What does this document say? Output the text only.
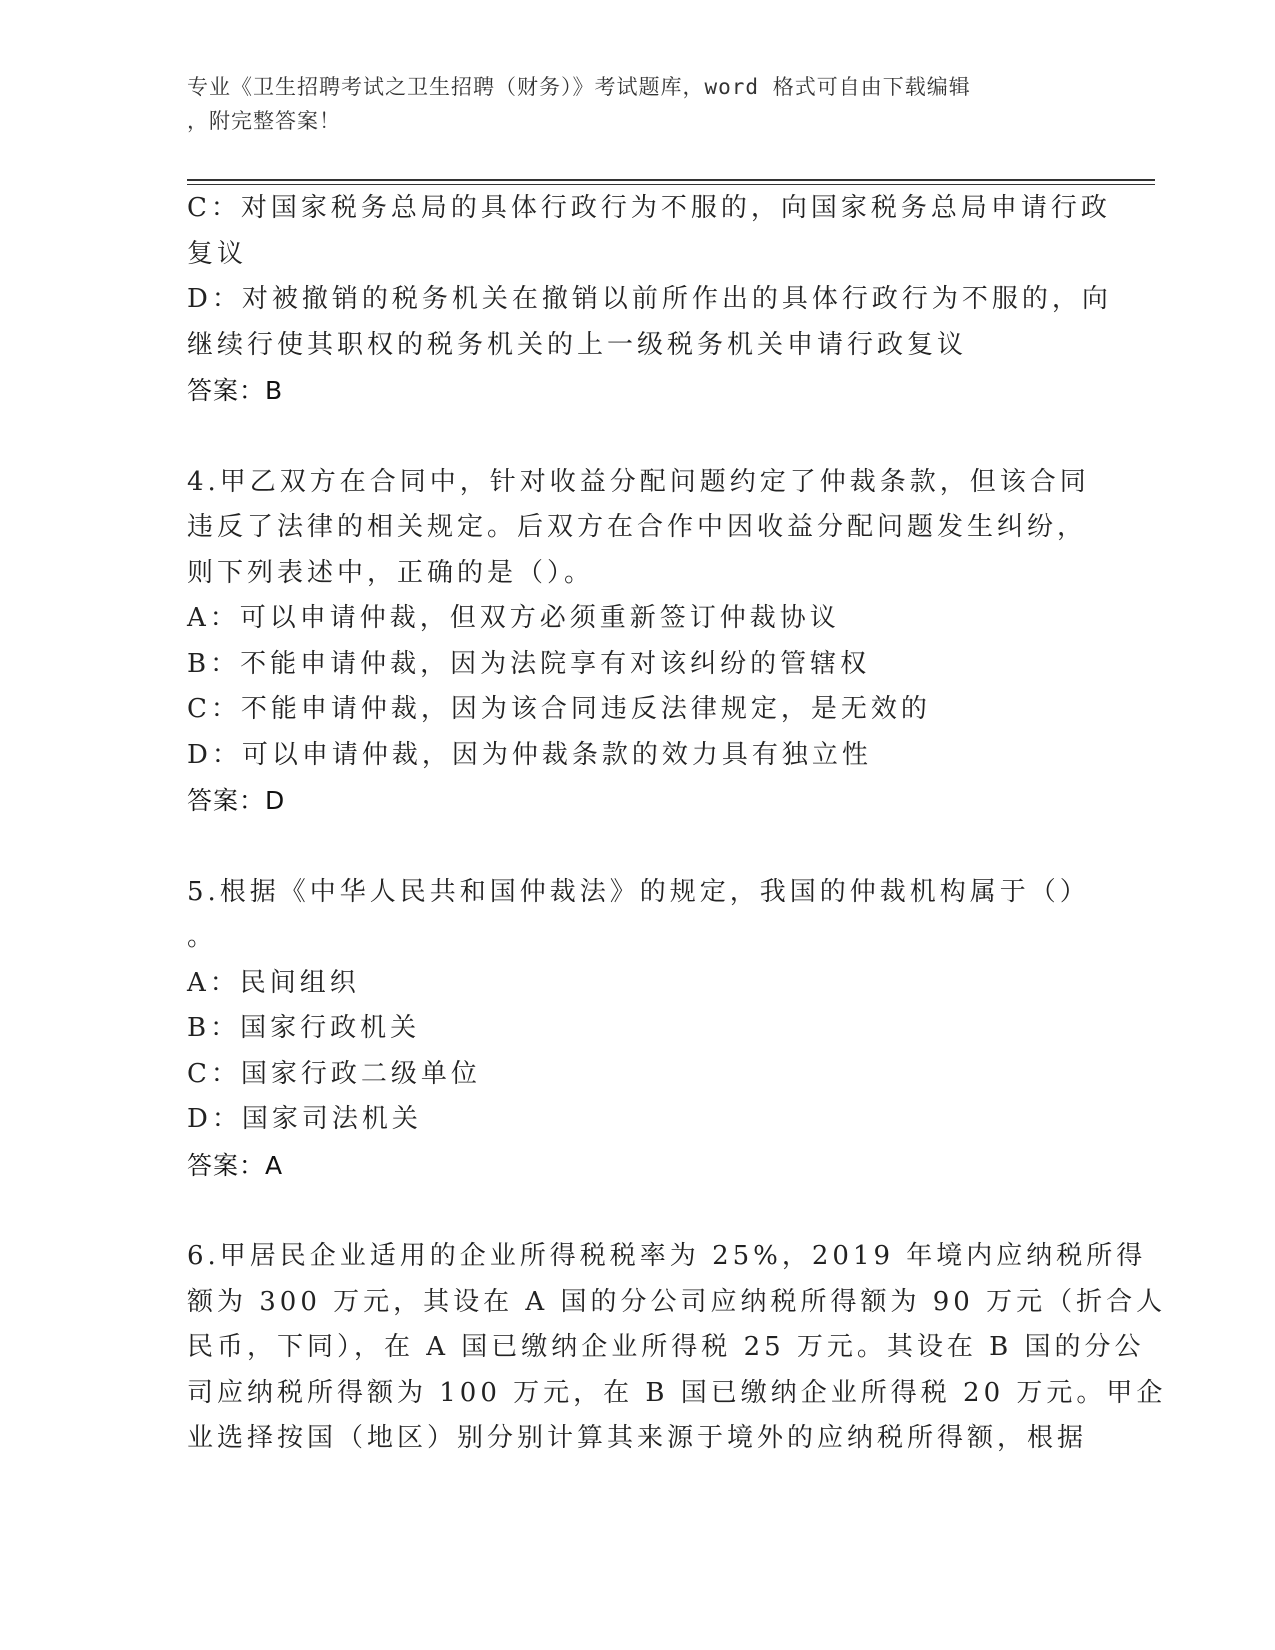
专业《卫生招聘考试之卫生招聘（财务）》考试题库，word 格式可自由下载编辑
，附完整答案！
C：对国家税务总局的具体行政行为不服的，向国家税务总局申请行政
复议
D：对被撤销的税务机关在撤销以前所作出的具体行政行为不服的，向
继续行使其职权的税务机关的上一级税务机关申请行政复议
答案：B
4.甲乙双方在合同中，针对收益分配问题约定了仲裁条款，但该合同
违反了法律的相关规定。后双方在合作中因收益分配问题发生纠纷，
则下列表述中，正确的是（）。
A：可以申请仲裁，但双方必须重新签订仲裁协议
B：不能申请仲裁，因为法院享有对该纠纷的管辖权
C：不能申请仲裁，因为该合同违反法律规定，是无效的
D：可以申请仲裁，因为仲裁条款的效力具有独立性
答案：D
5.根据《中华人民共和国仲裁法》的规定，我国的仲裁机构属于（）
。
A：民间组织
B：国家行政机关
C：国家行政二级单位
D：国家司法机关
答案：A
6.甲居民企业适用的企业所得税税率为 25%，2019 年境内应纳税所得
额为 300 万元，其设在 A 国的分公司应纳税所得额为 90 万元（折合人
民币，下同），在 A 国已缴纳企业所得税 25 万元。其设在 B 国的分公
司应纳税所得额为 100 万元，在 B 国已缴纳企业所得税 20 万元。甲企
业选择按国（地区）别分别计算其来源于境外的应纳税所得额，根据
